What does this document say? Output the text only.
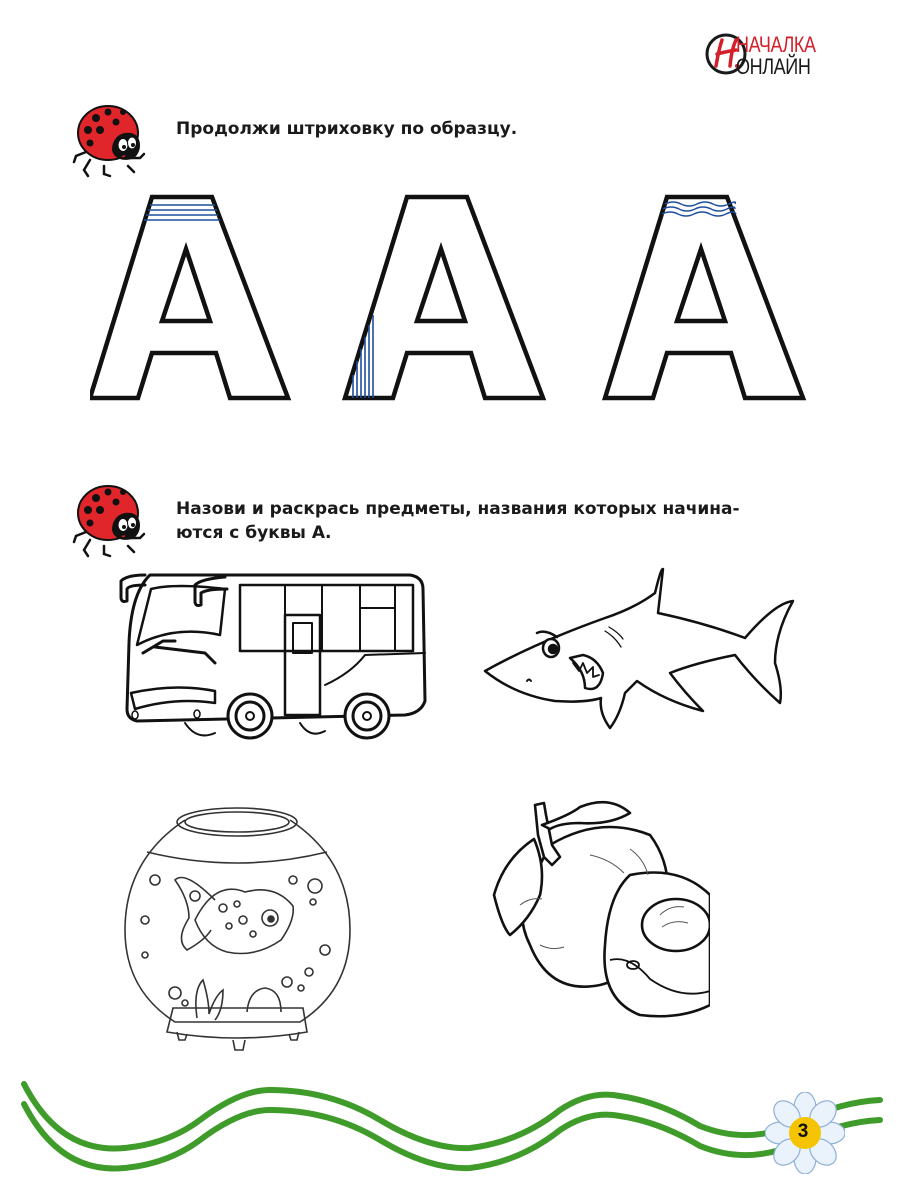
НАЧАЛКА
ОНЛАЙН
Продолжи штриховку по образцу.
Назови и раскрась предметы, названия которых начина-
ются с буквы А.
3
